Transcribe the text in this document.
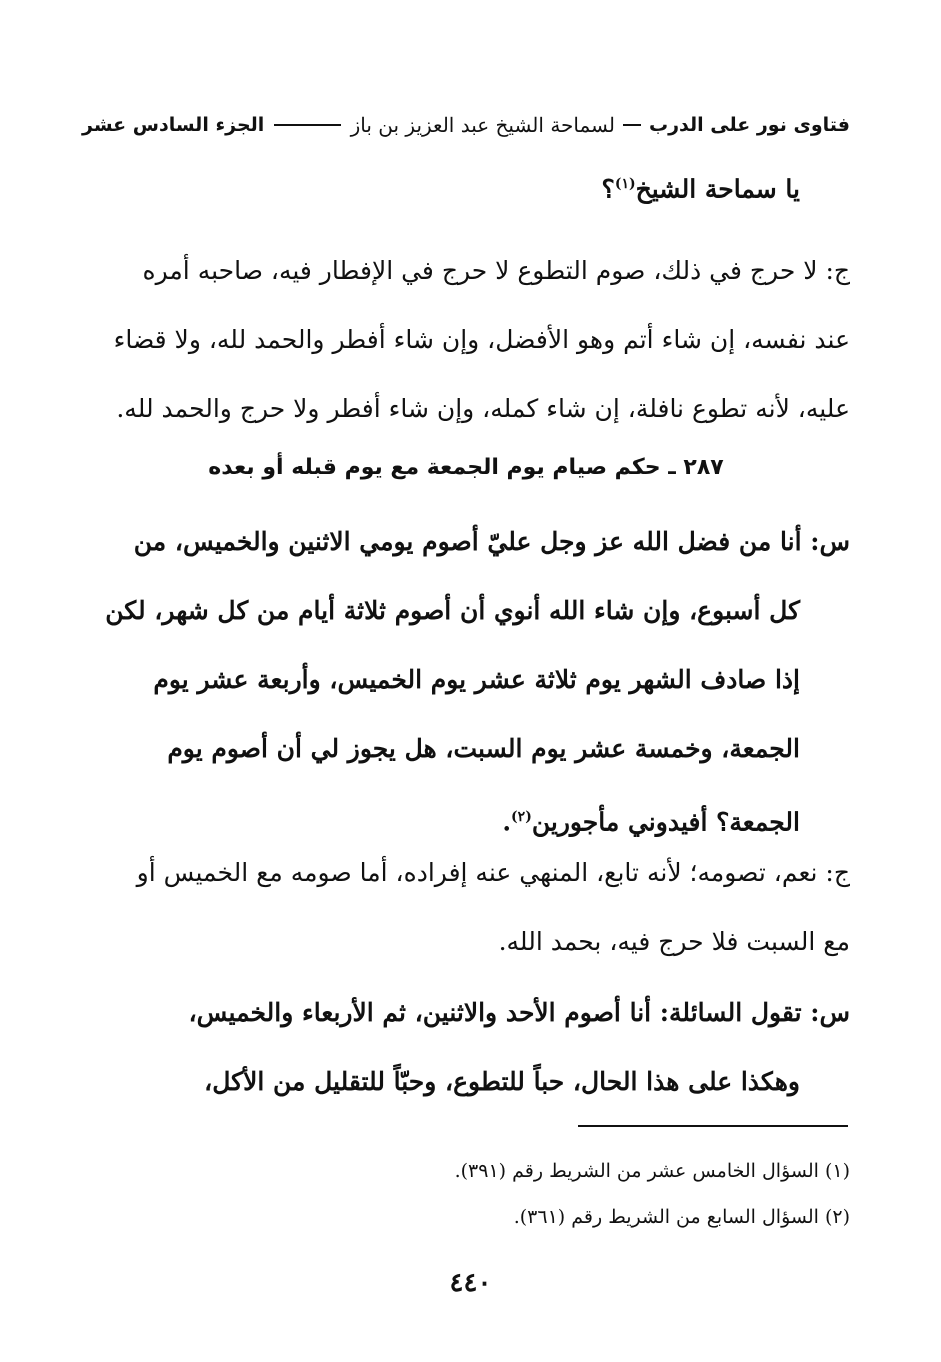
فتاوى نور على الدرب
لسماحة الشيخ عبد العزيز بن باز
الجزء السادس عشر
يا سماحة الشيخ$^{(١)}$؟
ج: لا حرج في ذلك، صوم التطوع لا حرج في الإفطار فيه، صاحبه أمره
عند نفسه، إن شاء أتم وهو الأفضل، وإن شاء أفطر والحمد لله، ولا قضاء
عليه، لأنه تطوع نافلة، إن شاء كمله، وإن شاء أفطر ولا حرج والحمد لله.
٢٨٧ ـ حكم صيام يوم الجمعة مع يوم قبله أو بعده
س: أنا من فضل الله عز وجل عليّ أصوم يومي الاثنين والخميس، من
كل أسبوع، وإن شاء الله أنوي أن أصوم ثلاثة أيام من كل شهر، لكن
إذا صادف الشهر يوم ثلاثة عشر يوم الخميس، وأربعة عشر يوم
الجمعة، وخمسة عشر يوم السبت، هل يجوز لي أن أصوم يوم
الجمعة؟ أفيدوني مأجورين$^{(٢)}$.
ج: نعم، تصومه؛ لأنه تابع، المنهي عنه إفراده، أما صومه مع الخميس أو
مع السبت فلا حرج فيه، بحمد الله.
س: تقول السائلة: أنا أصوم الأحد والاثنين، ثم الأربعاء والخميس،
وهكذا على هذا الحال، حباً للتطوع، وحبّاً للتقليل من الأكل،
(١) السؤال الخامس عشر من الشريط رقم (٣٩١).
(٢) السؤال السابع من الشريط رقم (٣٦١).
٤٤٠
